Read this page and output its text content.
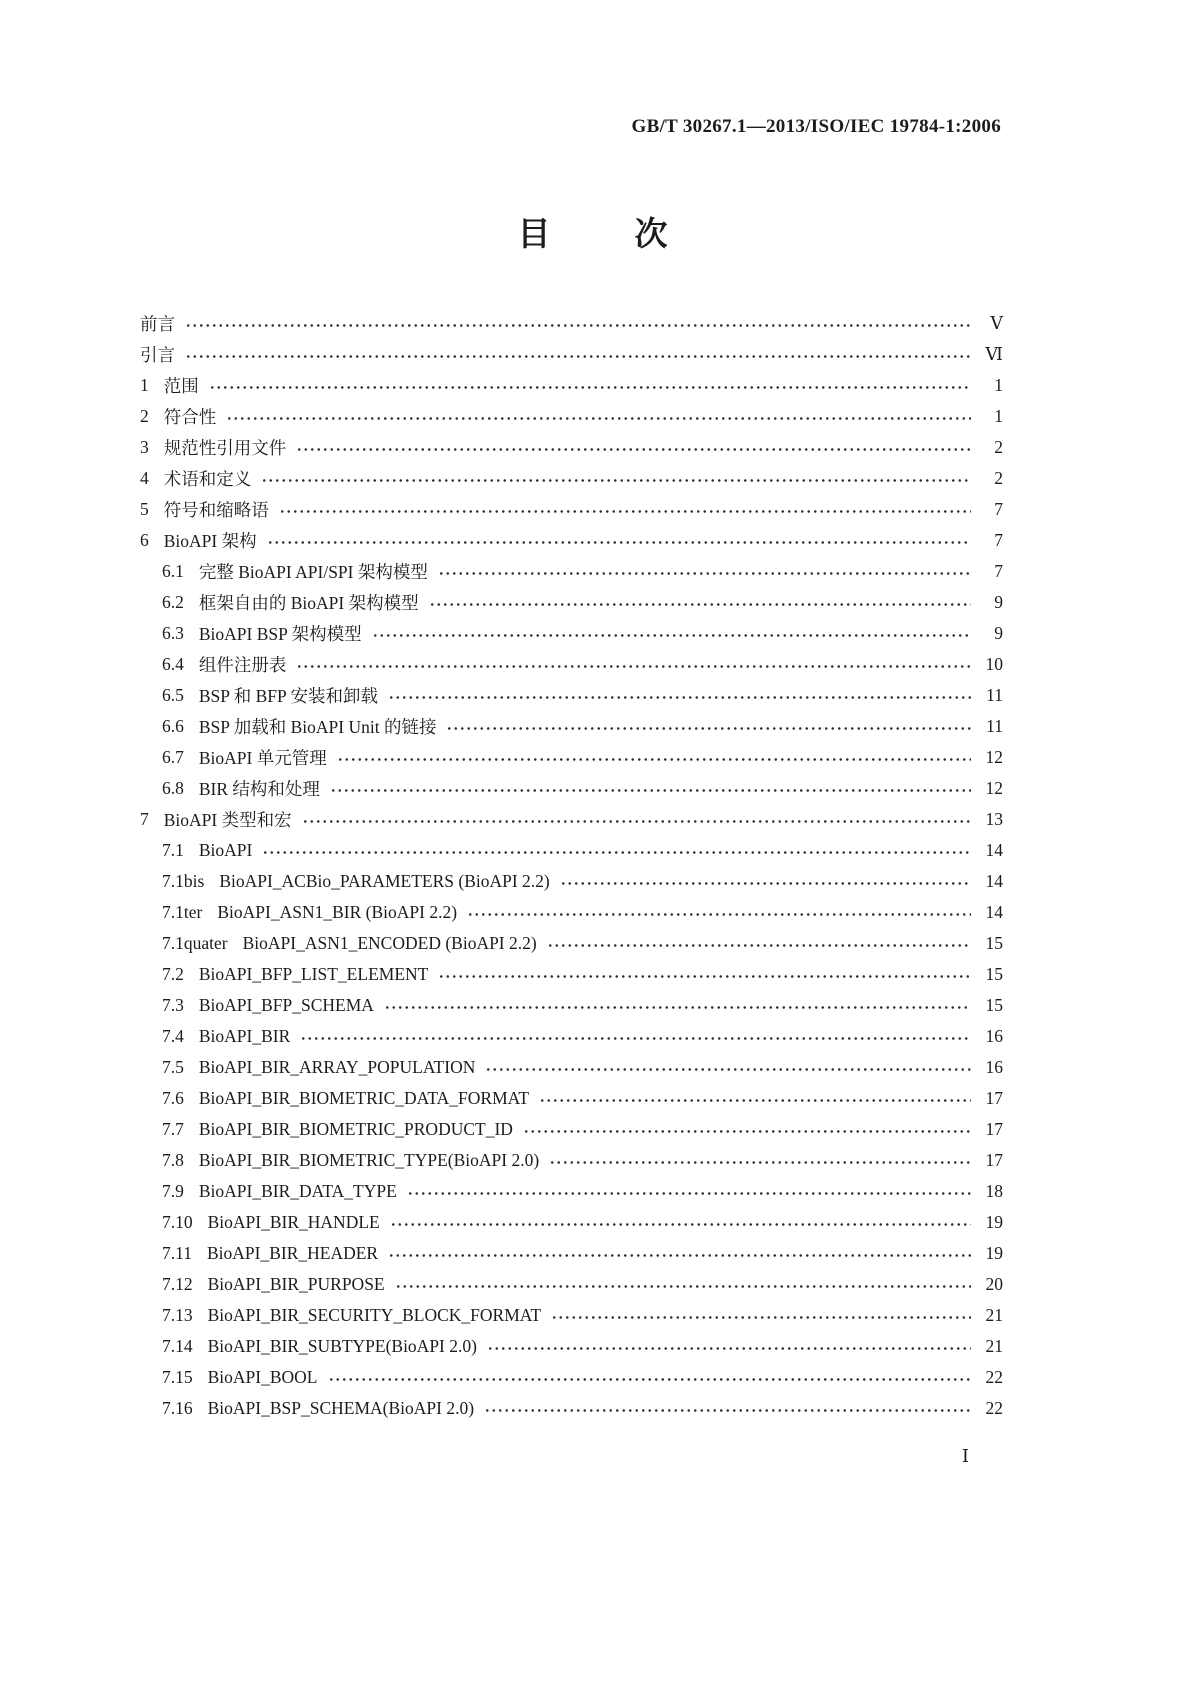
GB/T 30267.1—2013/ISO/IEC 19784-1:2006
目　　次
前言	Ⅴ
引言	Ⅵ
1 范围	1
2 符合性	1
3 规范性引用文件	2
4 术语和定义	2
5 符号和缩略语	7
6 BioAPI 架构	7
6.1 完整 BioAPI API/SPI 架构模型	7
6.2 框架自由的 BioAPI 架构模型	9
6.3 BioAPI BSP 架构模型	9
6.4 组件注册表	10
6.5 BSP 和 BFP 安装和卸载	11
6.6 BSP 加载和 BioAPI Unit 的链接	11
6.7 BioAPI 单元管理	12
6.8 BIR 结构和处理	12
7 BioAPI 类型和宏	13
7.1 BioAPI	14
7.1bis BioAPI_ACBio_PARAMETERS (BioAPI 2.2)	14
7.1ter BioAPI_ASN1_BIR (BioAPI 2.2)	14
7.1quater BioAPI_ASN1_ENCODED (BioAPI 2.2)	15
7.2 BioAPI_BFP_LIST_ELEMENT	15
7.3 BioAPI_BFP_SCHEMA	15
7.4 BioAPI_BIR	16
7.5 BioAPI_BIR_ARRAY_POPULATION	16
7.6 BioAPI_BIR_BIOMETRIC_DATA_FORMAT	17
7.7 BioAPI_BIR_BIOMETRIC_PRODUCT_ID	17
7.8 BioAPI_BIR_BIOMETRIC_TYPE(BioAPI 2.0)	17
7.9 BioAPI_BIR_DATA_TYPE	18
7.10 BioAPI_BIR_HANDLE	19
7.11 BioAPI_BIR_HEADER	19
7.12 BioAPI_BIR_PURPOSE	20
7.13 BioAPI_BIR_SECURITY_BLOCK_FORMAT	21
7.14 BioAPI_BIR_SUBTYPE(BioAPI 2.0)	21
7.15 BioAPI_BOOL	22
7.16 BioAPI_BSP_SCHEMA(BioAPI 2.0)	22
Ⅰ
